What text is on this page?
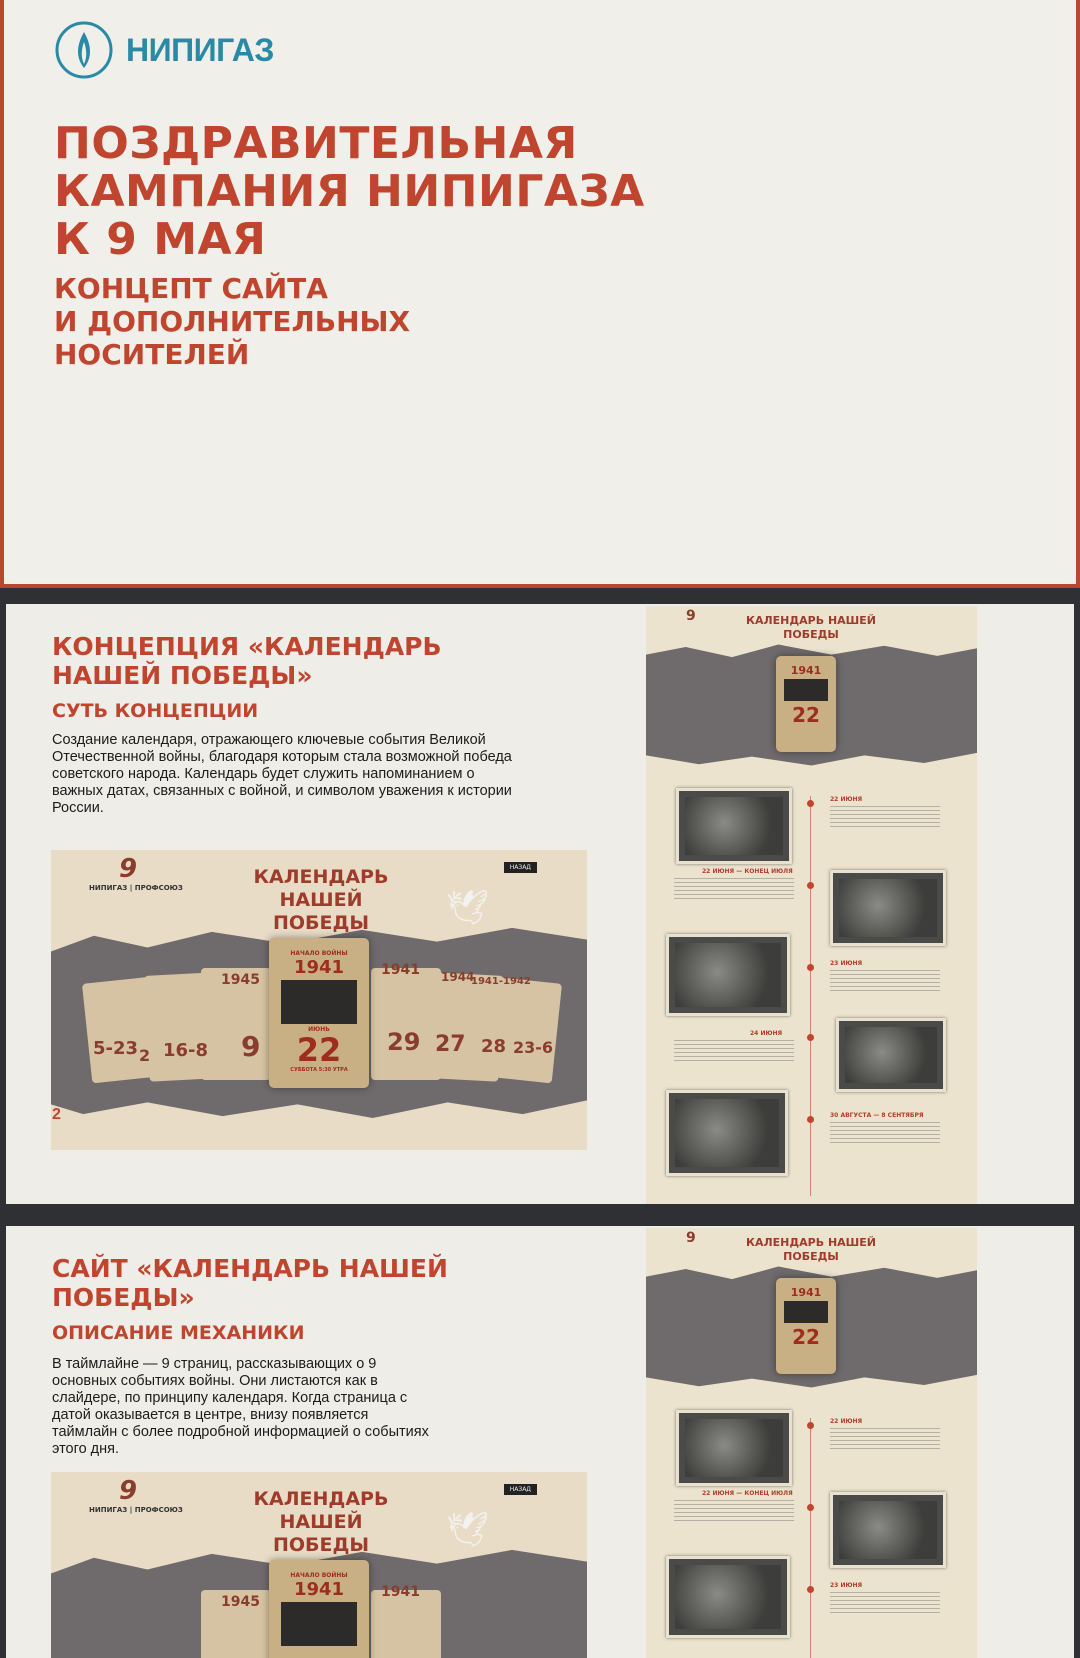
НИПИГАЗ
ПОЗДРАВИТЕЛЬНАЯ
КАМПАНИЯ НИПИГАЗА
К 9 МАЯ
КОНЦЕПТ САЙТА
И ДОПОЛНИТЕЛЬНЫХ
НОСИТЕЛЕЙ
КОНЦЕПЦИЯ «КАЛЕНДАРЬ
НАШЕЙ ПОБЕДЫ»
СУТЬ КОНЦЕПЦИИ

Создание календаря, отражающего ключевые события Великой Отечественной войны, благодаря которым стала возможной победа советского народа. Календарь будет служить напоминанием о важных датах, связанных с войной, и символом уважения к истории России.

9
НИПИГАЗ | ПРОФСОЮЗ	КАЛЕНДАРЬ НАШЕЙ
ПОБЕДЫ
НАЗАД
🕊
1945
1941 1944
1941-1942
5-23 2 16-8 9	29 27 28 23-6
НАЧАЛО ВОЙНЫ
1941
ИЮНЬ
22
СУББОТА 5:30 УТРА
2
КАЛЕНДАРЬ НАШЕЙ
ПОБЕДЫ
9
1941
22
22 ИЮНЯ
22 ИЮНЯ — КОНЕЦ ИЮЛЯ
23 ИЮНЯ
24 ИЮНЯ
30 АВГУСТА — 8 СЕНТЯБРЯ
САЙТ «КАЛЕНДАРЬ НАШЕЙ
ПОБЕДЫ»
ОПИСАНИЕ МЕХАНИКИ

В таймлайне — 9 страниц, рассказывающих о 9 основных событиях войны. Они листаются как в слайдере, по принципу календаря. Когда страница с датой оказывается в центре, внизу появляется таймлайн с более подробной информацией о событиях этого дня.

9
НИПИГАЗ | ПРОФСОЮЗ	КАЛЕНДАРЬ НАШЕЙ
ПОБЕДЫ
НАЗАД
🕊
1945
1941
НАЧАЛО ВОЙНЫ
1941
КАЛЕНДАРЬ НАШЕЙ
ПОБЕДЫ
9
1941
22
22 ИЮНЯ
22 ИЮНЯ — КОНЕЦ ИЮЛЯ
23 ИЮНЯ
